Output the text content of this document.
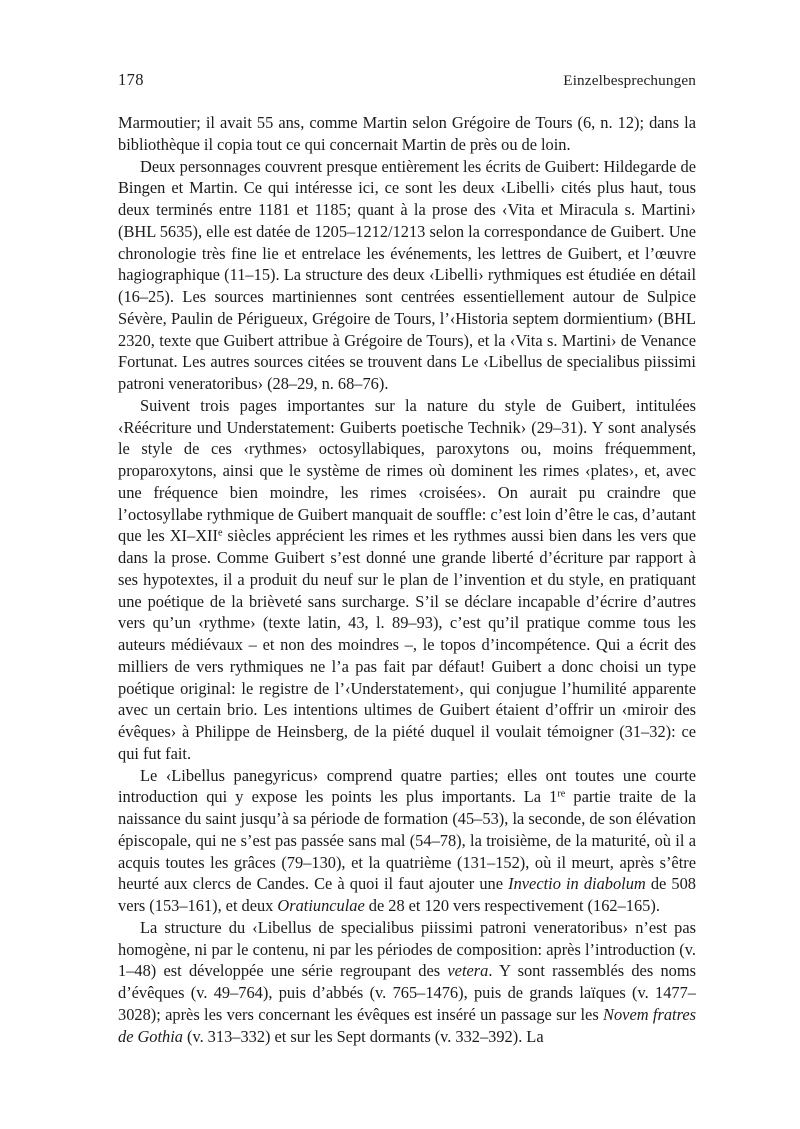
178	Einzelbesprechungen

Marmoutier; il avait 55 ans, comme Martin selon Grégoire de Tours (6, n. 12); dans la bibliothèque il copia tout ce qui concernait Martin de près ou de loin.

Deux personnages couvrent presque entièrement les écrits de Guibert: Hildegarde de Bingen et Martin. Ce qui intéresse ici, ce sont les deux ‹Libelli› cités plus haut, tous deux terminés entre 1181 et 1185; quant à la prose des ‹Vita et Miracula s. Martini› (BHL 5635), elle est datée de 1205–1212/1213 selon la correspondance de Guibert. Une chronologie très fine lie et entrelace les événements, les lettres de Guibert, et l’œuvre hagiographique (11–15). La structure des deux ‹Libelli› rythmiques est étudiée en détail (16–25). Les sources martiniennes sont centrées essentiellement autour de Sulpice Sévère, Paulin de Périgueux, Grégoire de Tours, l’‹Historia septem dormientium› (BHL 2320, texte que Guibert attribue à Grégoire de Tours), et la ‹Vita s. Martini› de Venance Fortunat. Les autres sources citées se trouvent dans Le ‹Libellus de specialibus piissimi patroni veneratoribus› (28–29, n. 68–76).

Suivent trois pages importantes sur la nature du style de Guibert, intitulées ‹Réécriture und Understatement: Guiberts poetische Technik› (29–31). Y sont analysés le style de ces ‹rythmes› octosyllabiques, paroxytons ou, moins fréquemment, proparoxytons, ainsi que le système de rimes où dominent les rimes ‹plates›, et, avec une fréquence bien moindre, les rimes ‹croisées›. On aurait pu craindre que l’octosyllabe rythmique de Guibert manquait de souffle: c’est loin d’être le cas, d’autant que les XI–XIIe siècles apprécient les rimes et les rythmes aussi bien dans les vers que dans la prose. Comme Guibert s’est donné une grande liberté d’écriture par rapport à ses hypotextes, il a produit du neuf sur le plan de l’invention et du style, en pratiquant une poétique de la brièveté sans surcharge. S’il se déclare incapable d’écrire d’autres vers qu’un ‹rythme› (texte latin, 43, l. 89–93), c’est qu’il pratique comme tous les auteurs médiévaux – et non des moindres –, le topos d’incompétence. Qui a écrit des milliers de vers rythmiques ne l’a pas fait par défaut! Guibert a donc choisi un type poétique original: le registre de l’‹Understatement›, qui conjugue l’humilité apparente avec un certain brio. Les intentions ultimes de Guibert étaient d’offrir un ‹miroir des évêques› à Philippe de Heinsberg, de la piété duquel il voulait témoigner (31–32): ce qui fut fait.

Le ‹Libellus panegyricus› comprend quatre parties; elles ont toutes une courte introduction qui y expose les points les plus importants. La 1re partie traite de la naissance du saint jusqu’à sa période de formation (45–53), la seconde, de son élévation épiscopale, qui ne s’est pas passée sans mal (54–78), la troisième, de la maturité, où il a acquis toutes les grâces (79–130), et la quatrième (131–152), où il meurt, après s’être heurté aux clercs de Candes. Ce à quoi il faut ajouter une Invectio in diabolum de 508 vers (153–161), et deux Oratiunculae de 28 et 120 vers respectivement (162–165).

La structure du ‹Libellus de specialibus piissimi patroni veneratoribus› n’est pas homogène, ni par le contenu, ni par les périodes de composition: après l’introduction (v. 1–48) est développée une série regroupant des vetera. Y sont rassemblés des noms d’évêques (v. 49–764), puis d’abbés (v. 765–1476), puis de grands laïques (v. 1477–3028); après les vers concernant les évêques est inséré un passage sur les Novem fratres de Gothia (v. 313–332) et sur les Sept dormants (v. 332–392). La
